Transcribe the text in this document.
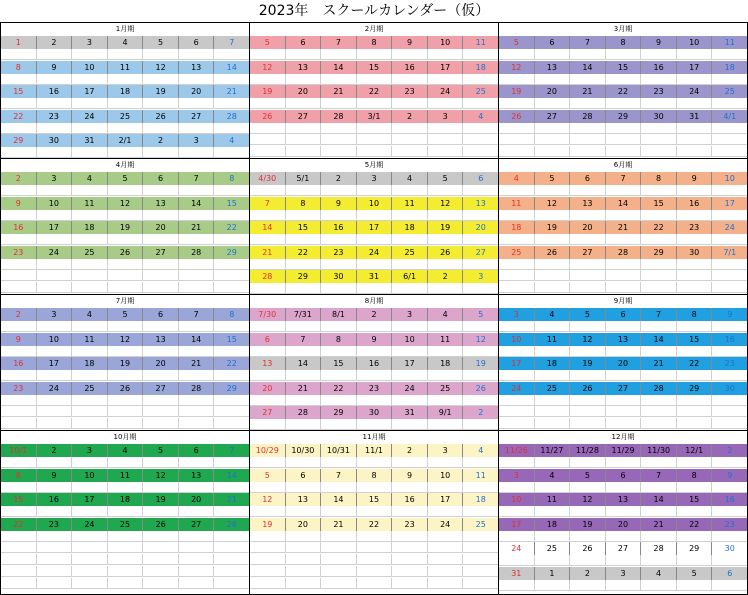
2023年　スクールカレンダー（仮）
1月期
1	2	3	4	5	6	7
8	9	10	11	12	13	14
15	16	17	18	19	20	21
22	23	24	25	26	27	28
29	30	31	2/1	2	3	4
2月期
5	6	7	8	9	10	11
12	13	14	15	16	17	18
19	20	21	22	23	24	25
26	27	28	3/1	2	3	4
3月期
5	6	7	8	9	10	11
12	13	14	15	16	17	18
19	20	21	22	23	24	25
26	27	28	29	30	31	4/1
4月期
2	3	4	5	6	7	8
9	10	11	12	13	14	15
16	17	18	19	20	21	22
23	24	25	26	27	28	29
5月期
4/30	5/1	2	3	4	5	6
7	8	9	10	11	12	13
14	15	16	17	18	19	20
21	22	23	24	25	26	27
28	29	30	31	6/1	2	3
6月期
4	5	6	7	8	9	10
11	12	13	14	15	16	17
18	19	20	21	22	23	24
25	26	27	28	29	30	7/1
7月期
2	3	4	5	6	7	8
9	10	11	12	13	14	15
16	17	18	19	20	21	22
23	24	25	26	27	28	29
8月期
7/30	7/31	8/1	2	3	4	5
6	7	8	9	10	11	12
13	14	15	16	17	18	19
20	21	22	23	24	25	26
27	28	29	30	31	9/1	2
9月期
3	4	5	6	7	8	9
10	11	12	13	14	15	16
17	18	19	20	21	22	23
24	25	26	27	28	29	30
10月期
10/1	2	3	4	5	6	7
8	9	10	11	12	13	14
15	16	17	18	19	20	21
22	23	24	25	26	27	28
11月期
10/29	10/30	10/31	11/1	2	3	4
5	6	7	8	9	10	11
12	13	14	15	16	17	18
19	20	21	22	23	24	25
12月期
11/26	11/27	11/28	11/29	11/30	12/1	2
3	4	5	6	7	8	9
10	11	12	13	14	15	16
17	18	19	20	21	22	23
24	25	26	27	28	29	30
31	1	2	3	4	5	6
